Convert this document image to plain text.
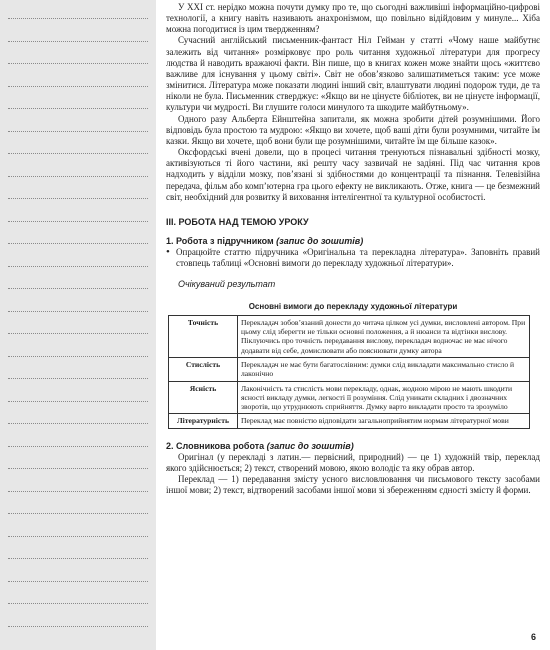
У XXI ст. нерідко можна почути думку про те, що сьогодні важливіші інформаційно-цифрові технології, а книгу навіть називають анахронізмом, що повільно відійдовим у минуле... Хіба можна погодитися із цим твердженням?

Сучасний англійський письменник-фантаст Ніл Гейман у статті «Чому наше майбутнє залежить від читання» розмірковує про роль читання художньої літератури для прогресу людства й наводить вражаючі факти. Він пише, що в книгах кожен може знайти щось «життєво важливе для існування у цьому світі». Світ не обов’язково залишатиметься таким: усе може змінитися. Література може показати людині інший світ, влаштувати людині подорож туди, де та ніколи не була. Письменник стверджує: «Якщо ви не цінуєте бібліотек, ви не цінуєте інформації, культури чи мудрості. Ви глушите голоси минулого та шкодите майбутньому».

Одного разу Альберта Ейнштейна запитали, як можна зробити дітей розумнішими. Його відповідь була простою та мудрою: «Якщо ви хочете, щоб ваші діти були розумними, читайте їм казки. Якщо ви хочете, щоб вони були ще розумнішими, читайте їм ще більше казок».

Оксфордські вчені довели, що в процесі читання тренуються пізнавальні здібності мозку, активізуються ті його частини, які решту часу зазвичай не задіяні. Під час читання кров надходить у відділи мозку, пов’язані зі здібностями до концентрації та пізнання. Телевізійна передача, фільм або комп’ютерна гра цього ефекту не викликають. Отже, книга — це безмежний світ, необхідний для розвитку й виховання інтелігентної та культурної особистості.

ІІІ. РОБОТА НАД ТЕМОЮ УРОКУ
1. Робота з підручником (запис до зошитів)
• Опрацюйте статтю підручника «Оригінальна та перекладна література». Заповніть правий стовпець таблиці «Основні вимоги до перекладу художньої літератури».
Очікуваний результат
Основні вимоги до перекладу художньої літератури
Точність	Перекладач зобов’язаний донести до читача цілком усі думки, висловлені автором. При цьому слід зберегти не тільки основні положення, а й нюанси та відтінки вислову. Піклуючись про точність передавання вислову, перекладач водночас не має нічого додавати від себе, домислювати або пояснювати думку автора
Стислість	Перекладач не має бути багатослівним: думки слід викладати максимально стисло й лаконічно
Ясність	Лаконічність та стислість мови перекладу, однак, жодною мірою не мають шкодити ясності викладу думки, легкості її розуміння. Слід уникати складних і двозначних зворотів, що утруднюють сприйняття. Думку варто викладати просто та зрозуміло
Літературність	Переклад має повністю відповідати загальноприйнятим нормам літературної мови
2. Словникова робота (запис до зошитів)

Оригінал (у перекладі з латин.— первісний, природний) — це 1) художній твір, переклад якого здійснюється; 2) текст, створений мовою, якою володіє та яку обрав автор.

Переклад — 1) передавання змісту усного висловлювання чи письмового тексту засобами іншої мови; 2) текст, відтворений засобами іншої мови зі збереженням єдності змісту й форми.

6
